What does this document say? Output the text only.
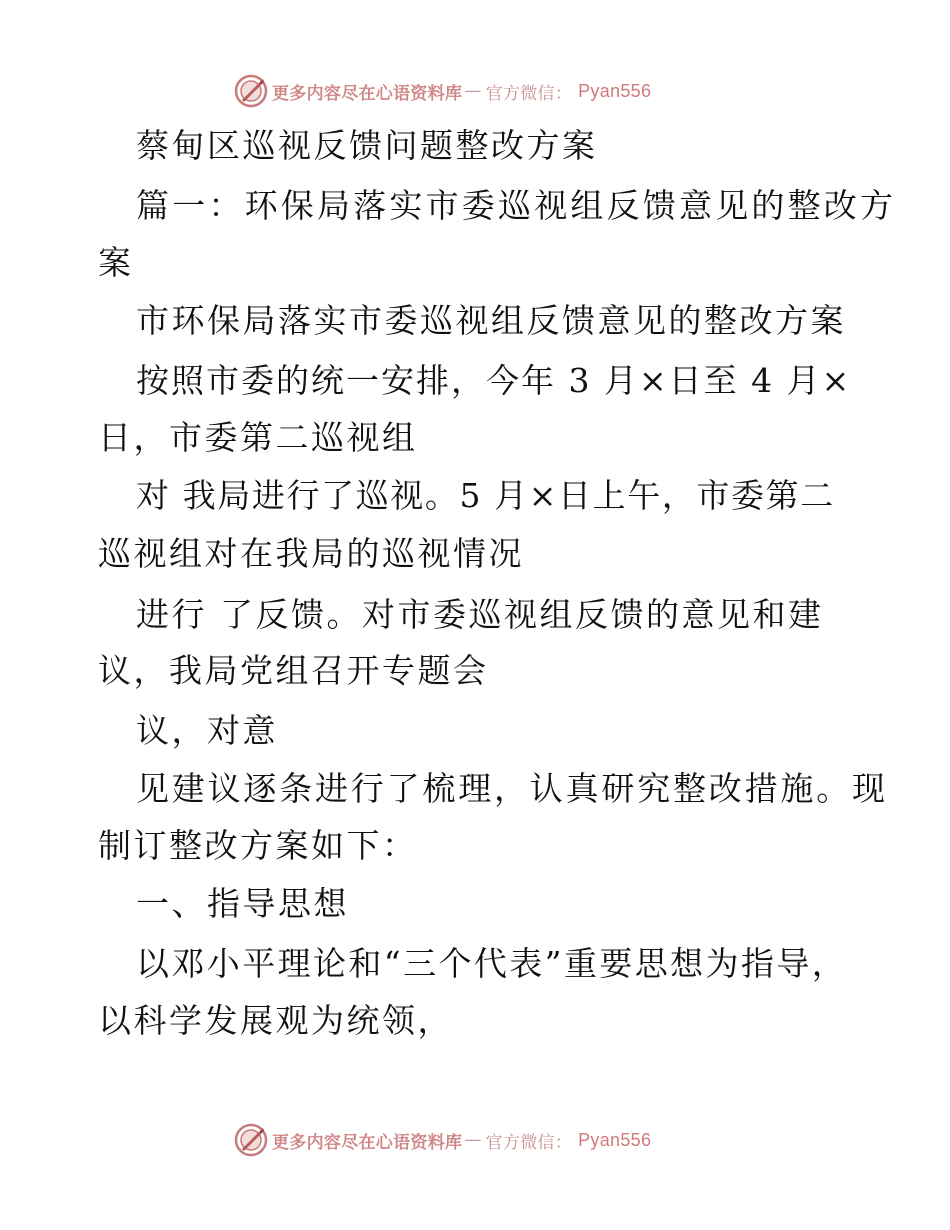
更多内容尽在心语资料库 — 官方微信： Pyan556
蔡甸区巡视反馈问题整改方案
篇一：环保局落实市委巡视组反馈意见的整改方
案
市环保局落实市委巡视组反馈意见的整改方案
按照市委的统一安排，今年 3 月×日至 4 月×
日，市委第二巡视组
对 我局进行了巡视。5 月×日上午，市委第二
巡视组对在我局的巡视情况
进行 了反馈。对市委巡视组反馈的意见和建
议，我局党组召开专题会
议，对意
见建议逐条进行了梳理，认真研究整改措施。现
制订整改方案如下：
一、指导思想
以邓小平理论和“三个代表”重要思想为指导，
以科学发展观为统领，
更多内容尽在心语资料库 — 官方微信： Pyan556
